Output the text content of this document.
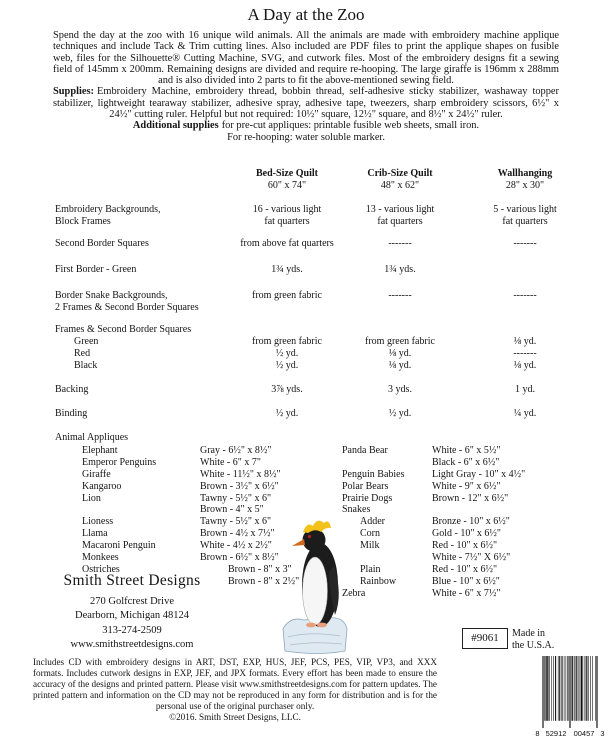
A Day at the Zoo

Spend the day at the zoo with 16 unique wild animals. All the animals are made with embroidery machine applique techniques and include Tack & Trim cutting lines. Also included are PDF files to print the applique shapes on fusible web, files for the Silhouette® Cutting Machine, SVG, and cutwork files. Most of the embroidery designs fit a sewing field of 145mm x 200mm. Remaining designs are divided and require re-hooping. The large giraffe is 196mm x 288mm and is also divided into 2 parts to fit the above-mentioned sewing field.

Supplies: Embroidery Machine, embroidery thread, bobbin thread, self-adhesive sticky stabilizer, washaway topper stabilizer, lightweight tearaway stabilizer, adhesive spray, adhesive tape, tweezers, sharp embroidery scissors, 6½" x 24½" cutting ruler. Helpful but not required: 10½" square, 12½" square, and 8½" x 24½" ruler.

Additional supplies for pre-cut appliques: printable fusible web sheets, small iron.

For re-hooping: water soluble marker.

Bed-Size Quilt
60" x 74"
Crib-Size Quilt
48" x 62"
Wallhanging
28" x 30"
Embroidery Backgrounds,
Block Frames
16 - various light
fat quarters
13 - various light
fat quarters
5 - various light
fat quarters
Second Border Squares	from above fat quarters	-------	-------
First Border - Green	1¾ yds.	1¾ yds.
Border Snake Backgrounds,
2 Frames & Second Border Squares
from green fabric	-------	-------
Frames & Second Border Squares
Green	from green fabric	from green fabric	⅛ yd.
Red	½ yd.	⅛ yd.	-------
Black	½ yd.	⅛ yd.	⅛ yd.
Backing	3⅞ yds.	3 yds.	1 yd.
Binding	½ yd.	½ yd.	¼ yd.
Animal Appliques
Elephant	Gray - 6½" x 8½"
Emperor Penguins	White - 6" x 7"
Giraffe	White - 11½" x 8½"
Kangaroo	Brown - 3½" x 6½"
Lion	Tawny - 5½" x 6"
Brown - 4" x 5"
Lioness	Tawny - 5½" x 6"
Llama	Brown - 4½ x 7½"
Macaroni Penguin	White - 4½ x 2½"
Monkees	Brown - 6½" x 8½"
Ostriches	Brown - 8" x 3"
Brown - 8" x 2½"
Panda Bear	White - 6" x 5½"
Black - 6" x 6½"
Penguin Babies	Light Gray - 10" x 4½"
Polar Bears	White - 9" x 6½"
Prairie Dogs	Brown - 12" x 6½"
Snakes
Adder	Bronze - 10" x 6½"
Corn	Gold - 10" x 6½"
Milk	Red - 10" x 6½"
White - 7½" X 6½"
Plain	Red - 10" x 6½"
Rainbow	Blue - 10" x 6½"
Zebra	White - 6" x 7½"
Smith Street Designs
270 Golfcrest Drive
Dearborn, Michigan 48124
313-274-2509
www.smithstreetdesigns.com
#9061	Made in
the U.S.A.
Includes CD with embroidery designs in ART, DST, EXP, HUS, JEF, PCS, PES, VIP, VP3, and XXX formats. Includes cutwork designs in EXP, JEF, and JPX formats. Every effort has been made to ensure the accuracy of the designs and printed pattern. Please visit www.smithstreetdesigns.com for pattern updates. The printed pattern and information on the CD may not be reproduced in any form for distribution and is for the personal use of the original purchaser only.
©2016. Smith Street Designs, LLC.
8 52912 00457 3
